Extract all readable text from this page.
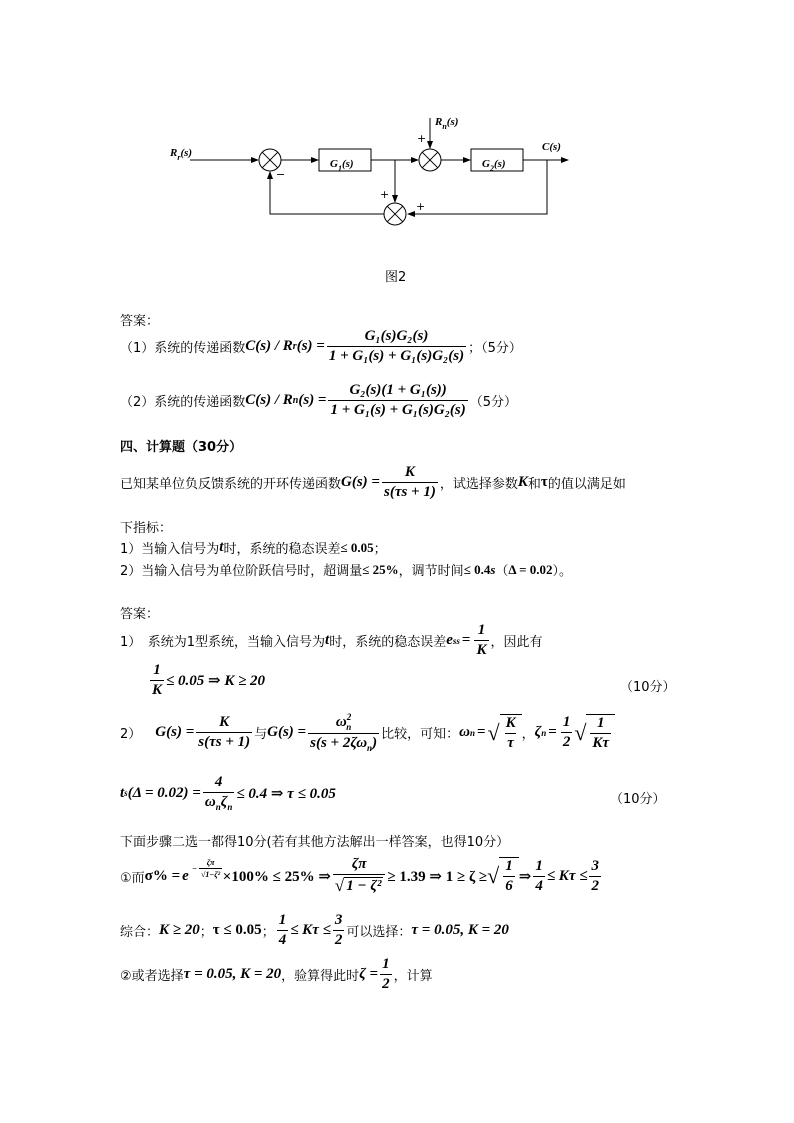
$R_r(s)$
$R_n(s)$
C(s)
$G_1(s)$	$G_2(s)$
−
+
+
+
图2
答案：
（1）系统的传递函数 C(s) / R r $(s) = \frac{\text{G₁(s)G₂(s)}}{\text{1 + G₁(s) + G₁(s)G₂(s)}}$ ；（5分）
（2）系统的传递函数 C(s) / R n $(s) = \frac{\text{G₂(s)(1 + G₁(s))}}{\text{1 + G₁(s) + G₁(s)G₂(s)}} (5$分）
四、计算题（30分）
已知某单位负反馈系统的开环传递函数 $G(s) = \frac{K}{s(\tau s + 1)}$ ，试选择参数 K 和 τ 的值以满足如
下指标：
1）当输入信号为 t 时，系统的稳态误差 ≤ 0.05 ；
2）当输入信号为单位阶跃信号时，超调量 ≤ 25% ，调节时间 ≤ 0.4 s （ Δ = 0.02 ）。
答案：
1）　系统为1型系统，当输入信号为 t 时，系统的稳态误差 e ss = $\frac{1}{K}$ ，因此有
$\frac{1}{K} \le 0.05$ ⇒ K ≥ 20	（10分）
2） $G(s) = \frac{K}{s(\tau s + 1)}$ 与 $G(s) = \frac{\omega^2_n}{s(s + 2\zeta\omega_n)}$ 比较，可知： ω n = √ $\frac{K}{\tau}$ ， ζ $n = \frac{1}{2}$ √ $\frac{1}{K\tau}$
t s $(\Delta = 0.02) = \frac{4}{\omega_n\zeta_n} \le 0.4$ ⇒ τ ≤ 0.05	（10分）
下面步骤二选一都得10分(若有其他方法解出一样答案，也得10分）
①而 $\sigma\% = e - \frac{\zeta\pi}{\text{√1−ζ²}} \times 100\% \le 25\%$ ⇒ $\frac{\zeta\pi}{\text{√ 1 − ζ²}} \ge 1.39$ ⇒ 1 ≥ ζ ≥ √ $\frac{1}{6}$ ⇒ $\frac{1}{4} \le K\tau \le \frac{3}{2}$
综合： K ≥ 20 ； τ ≤ 0.05 ； $\frac{1}{4} \le K\tau \le \frac{3}{2}$ 可以选择： τ = 0.05, K = 20
②或者选择 τ = 0.05, K = 20 ，验算得此时 $\zeta = \frac{1}{2}$ ，计算
